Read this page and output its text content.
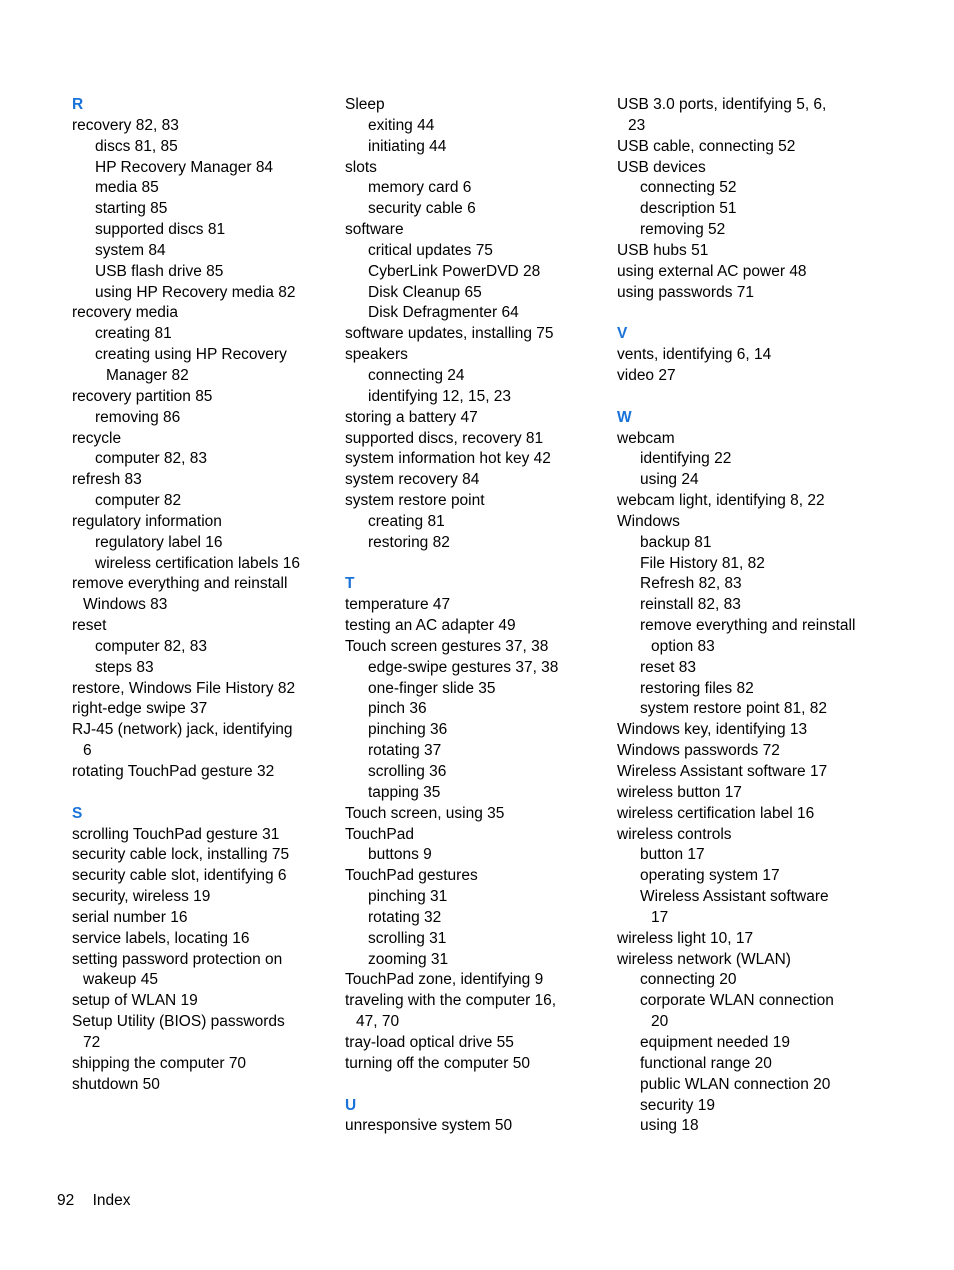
R
recovery 82, 83
discs 81, 85
HP Recovery Manager 84
media 85
starting 85
supported discs 81
system 84
USB flash drive 85
using HP Recovery media 82
recovery media
creating 81
creating using HP Recovery
Manager 82
recovery partition 85
removing 86
recycle
computer 82, 83
refresh 83
computer 82
regulatory information
regulatory label 16
wireless certification labels 16
remove everything and reinstall
Windows 83
reset
computer 82, 83
steps 83
restore, Windows File History 82
right-edge swipe 37
RJ-45 (network) jack, identifying
6
rotating TouchPad gesture 32
S
scrolling TouchPad gesture 31
security cable lock, installing 75
security cable slot, identifying 6
security, wireless 19
serial number 16
service labels, locating 16
setting password protection on
wakeup 45
setup of WLAN 19
Setup Utility (BIOS) passwords
72
shipping the computer 70
shutdown 50
Sleep
exiting 44
initiating 44
slots
memory card 6
security cable 6
software
critical updates 75
CyberLink PowerDVD 28
Disk Cleanup 65
Disk Defragmenter 64
software updates, installing 75
speakers
connecting 24
identifying 12, 15, 23
storing a battery 47
supported discs, recovery 81
system information hot key 42
system recovery 84
system restore point
creating 81
restoring 82
T
temperature 47
testing an AC adapter 49
Touch screen gestures 37, 38
edge-swipe gestures 37, 38
one-finger slide 35
pinch 36
pinching 36
rotating 37
scrolling 36
tapping 35
Touch screen, using 35
TouchPad
buttons 9
TouchPad gestures
pinching 31
rotating 32
scrolling 31
zooming 31
TouchPad zone, identifying 9
traveling with the computer 16,
47, 70
tray-load optical drive 55
turning off the computer 50
U
unresponsive system 50
USB 3.0 ports, identifying 5, 6,
23
USB cable, connecting 52
USB devices
connecting 52
description 51
removing 52
USB hubs 51
using external AC power 48
using passwords 71
V
vents, identifying 6, 14
video 27
W
webcam
identifying 22
using 24
webcam light, identifying 8, 22
Windows
backup 81
File History 81, 82
Refresh 82, 83
reinstall 82, 83
remove everything and reinstall
option 83
reset 83
restoring files 82
system restore point 81, 82
Windows key, identifying 13
Windows passwords 72
Wireless Assistant software 17
wireless button 17
wireless certification label 16
wireless controls
button 17
operating system 17
Wireless Assistant software
17
wireless light 10, 17
wireless network (WLAN)
connecting 20
corporate WLAN connection
20
equipment needed 19
functional range 20
public WLAN connection 20
security 19
using 18
92 Index
